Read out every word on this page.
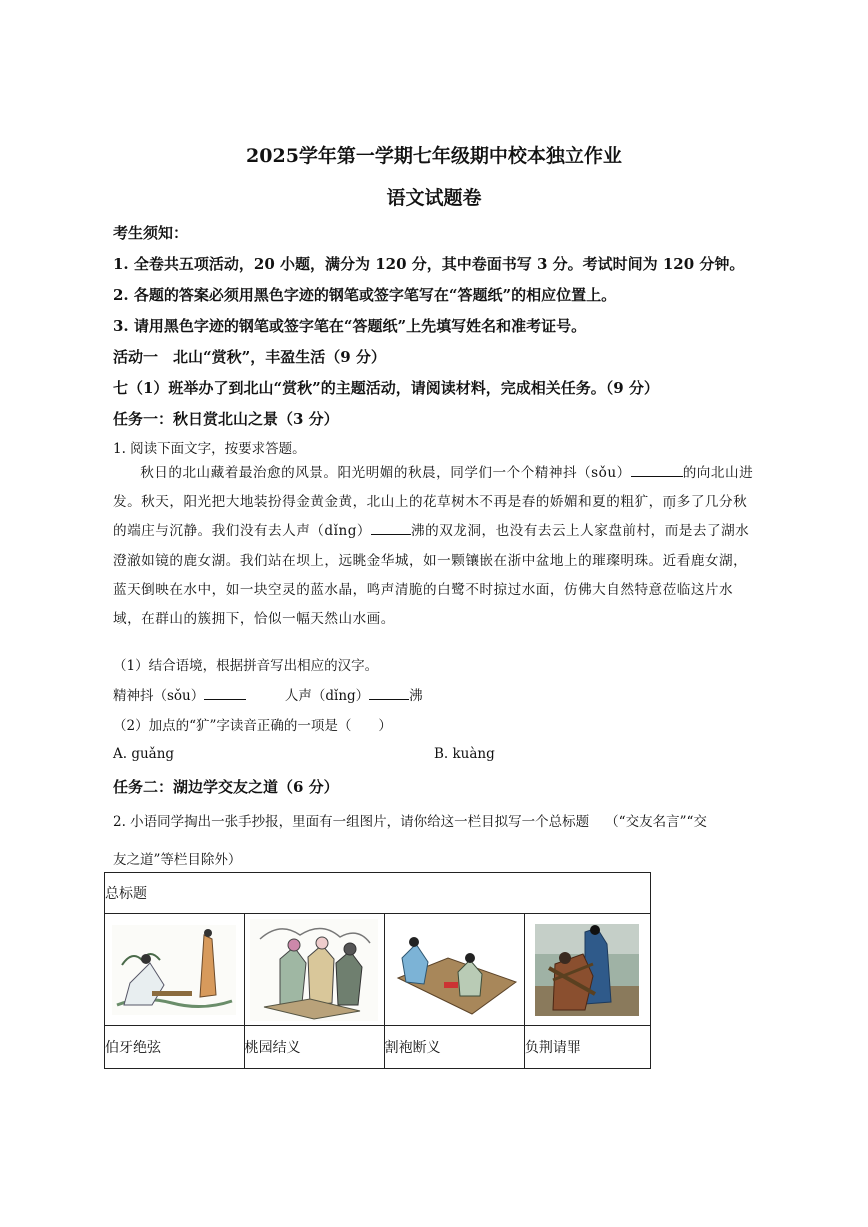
2025学年第一学期七年级期中校本独立作业
语文试题卷
考生须知：
1. 全卷共五项活动，20 小题，满分为 120 分，其中卷面书写 3 分。考试时间为 120 分钟。
2. 各题的答案必须用黑色字迹的钢笔或签字笔写在“答题纸”的相应位置上。
3. 请用黑色字迹的钢笔或签字笔在“答题纸”上先填写姓名和准考证号。
活动一　北山“赏秋”，丰盈生活（9 分）
七（1）班举办了到北山“赏秋”的主题活动，请阅读材料，完成相关任务。（9 分）
任务一：秋日赏北山之景（3 分）
1. 阅读下面文字，按要求答题。
秋日的北山藏着最治愈的风景。阳光明媚的秋晨，同学们一个个精神抖（sǒu）	的向北山进发。秋天，阳光把大地装扮得金黄金黄，北山上的花草树木不再是春的娇媚和夏的粗犷 .，而多了几分秋的端庄与沉静。我们没有去人声（dǐng）	沸的双龙洞，也没有去云上人家盘前村，而是去了湖水澄澈如镜的鹿女湖。我们站在坝上，远眺金华城，如一颗镶嵌在浙中盆地上的璀璨明珠。近看鹿女湖，蓝天倒映在水中，如一块空灵的蓝水晶，鸣声清脆的白鹭不时掠过水面，仿佛大自然特意莅临这片水域，在群山的簇拥下，恰似一幅天然山水画。
（1）结合语境，根据拼音写出相应的汉字。
精神抖（sǒu）	人声（dǐng）	沸
（2）加点的“犷”字读音正确的一项是（　　）
A. guǎng	B. kuàng
任务二：湖边学交友之道（6 分）
2. 小语同学掏出一张手抄报，里面有一组图片，请你给这一栏目拟写一个总标题 （“交友名言”“交
友之道”等栏目除外）
总标题			

伯牙绝弦	桃园结义	割袍断义	负荆请罪
